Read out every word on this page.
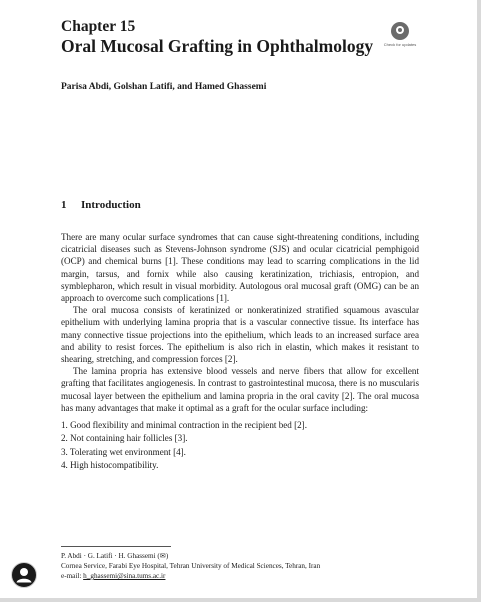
Chapter 15
Oral Mucosal Grafting in Ophthalmology	Check for updates
Parisa Abdi, Golshan Latifi, and Hamed Ghassemi
1 Introduction

There are many ocular surface syndromes that can cause sight-threatening conditions, including cicatricial diseases such as Stevens-Johnson syndrome (SJS) and ocular cicatricial pemphigoid (OCP) and chemical burns [1]. These conditions may lead to scarring complications in the lid margin, tarsus, and fornix while also causing keratinization, trichiasis, entropion, and symblepharon, which result in visual morbidity. Autologous oral mucosal graft (OMG) can be an approach to overcome such complications [1].

The oral mucosa consists of keratinized or nonkeratinized stratified squamous avascular epithelium with underlying lamina propria that is a vascular connective tissue. Its interface has many connective tissue projections into the epithelium, which leads to an increased surface area and ability to resist forces. The epithelium is also rich in elastin, which makes it resistant to shearing, stretching, and compression forces [2].

The lamina propria has extensive blood vessels and nerve fibers that allow for excellent grafting that facilitates angiogenesis. In contrast to gastrointestinal mucosa, there is no muscularis mucosal layer between the epithelium and lamina propria in the oral cavity [2]. The oral mucosa has many advantages that make it optimal as a graft for the ocular surface including:

1. Good flexibility and minimal contraction in the recipient bed [2].
2. Not containing hair follicles [3].
3. Tolerating wet environment [4].
4. High histocompatibility.
P. Abdi · G. Latifi · H. Ghassemi (✉)
Cornea Service, Farabi Eye Hospital, Tehran University of Medical Sciences, Tehran, Iran
e-mail: h_ghassemi@sina.tums.ac.ir
